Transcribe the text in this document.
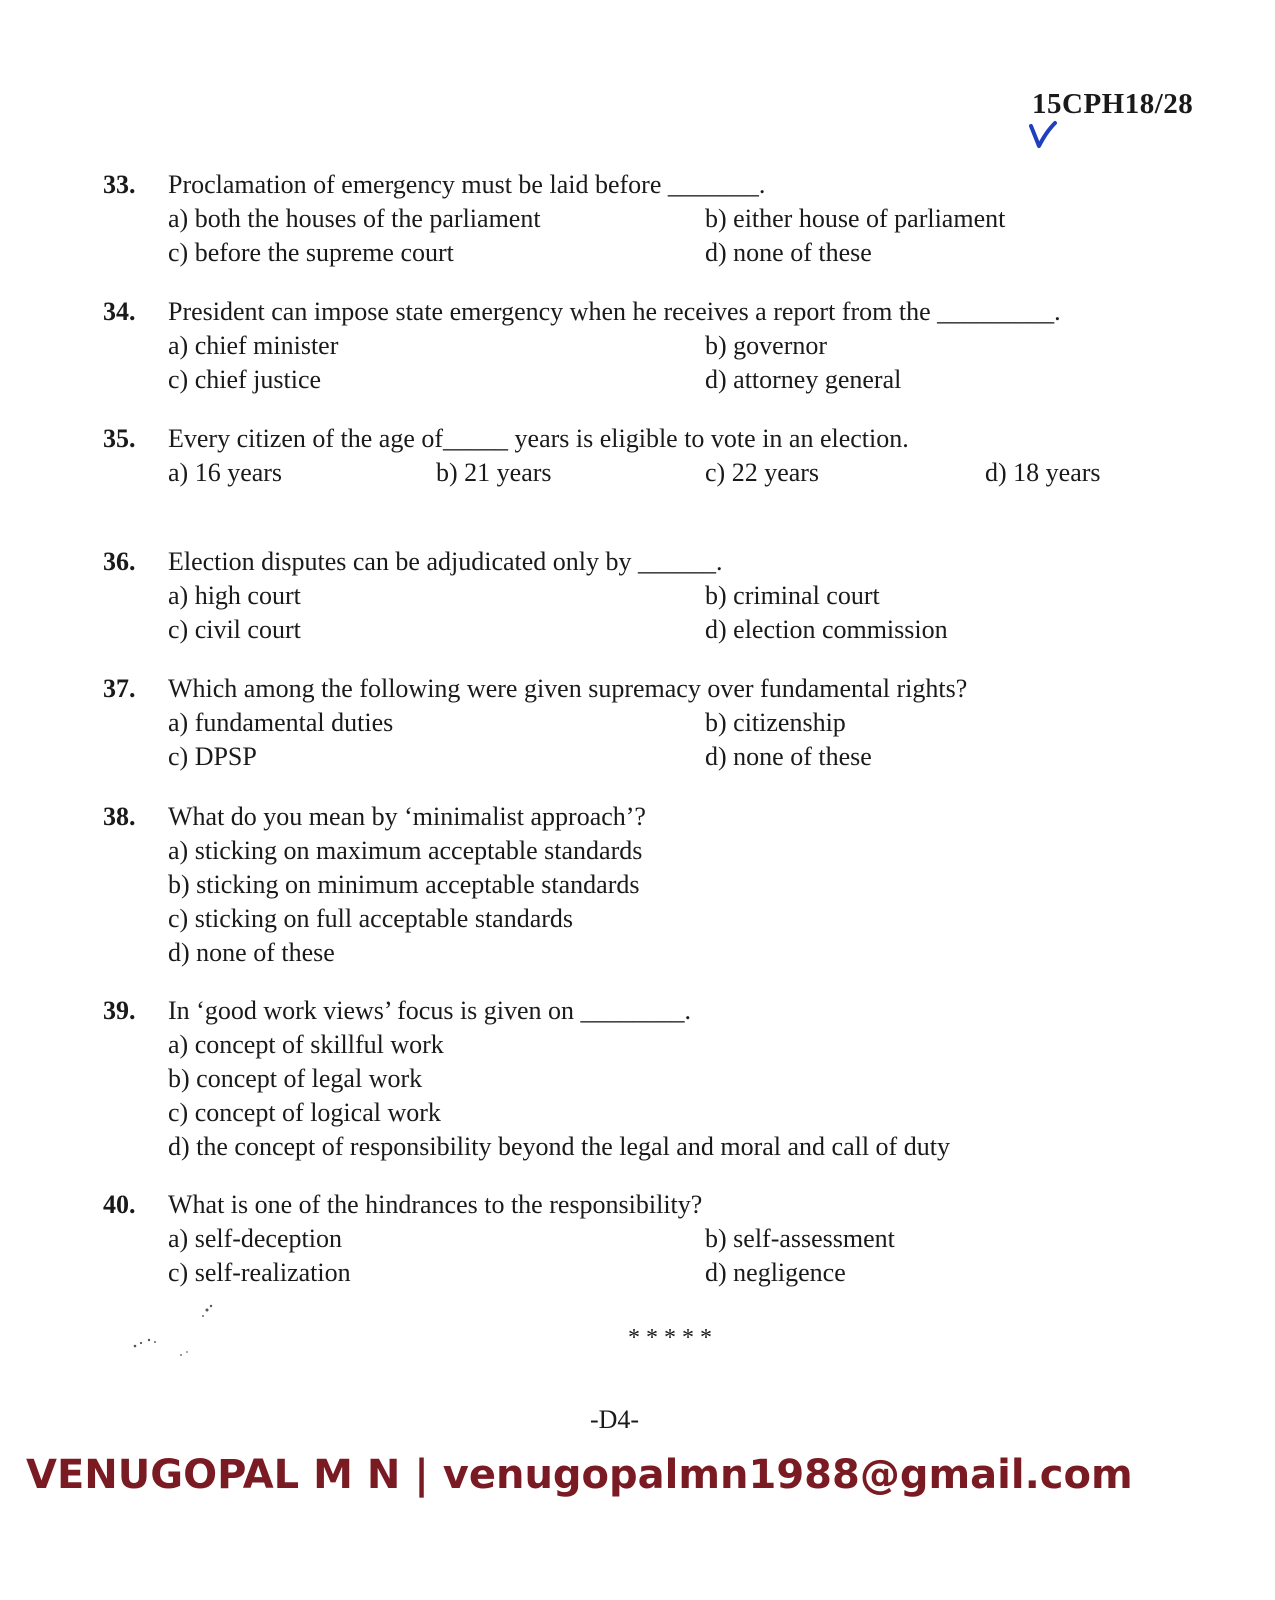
15CPH18/28
33. Proclamation of emergency must be laid before _______.
a) both the houses of the parliament	b) either house of parliament
c) before the supreme court	d) none of these
34. President can impose state emergency when he receives a report from the _________.
a) chief minister	b) governor
c) chief justice	d) attorney general
35. Every citizen of the age of_____ years is eligible to vote in an election.
a) 16 years	b) 21 years	c) 22 years	d) 18 years
36. Election disputes can be adjudicated only by ______.
a) high court	b) criminal court
c) civil court	d) election commission
37. Which among the following were given supremacy over fundamental rights?
a) fundamental duties	b) citizenship
c) DPSP	d) none of these
38. What do you mean by ‘minimalist approach’?
a) sticking on maximum acceptable standards
b) sticking on minimum acceptable standards
c) sticking on full acceptable standards
d) none of these
39. In ‘good work views’ focus is given on ________.
a) concept of skillful work
b) concept of legal work
c) concept of logical work
d) the concept of responsibility beyond the legal and moral and call of duty
40. What is one of the hindrances to the responsibility?
a) self-deception	b) self-assessment
c) self-realization	d) negligence
*****
-D4-
VENUGOPAL M N | venugopalmn1988@gmail.com
